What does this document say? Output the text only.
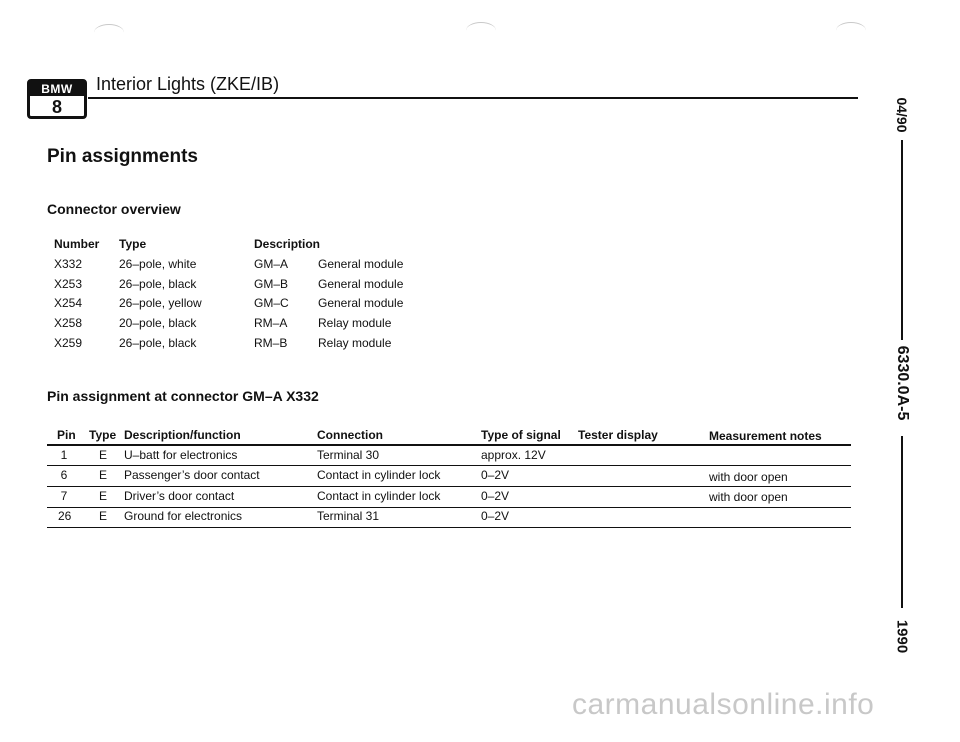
BMW
8
Interior Lights (ZKE/IB)
04/90
6330.0A-5
1990
Pin assignments
Connector overview
Number Type	Description
X332	26–pole, white	GM–A General module
X253	26–pole, black	GM–B General module
X254	26–pole, yellow	GM–C General module
X258	20–pole, black	RM–A	Relay module
X259	26–pole, black	RM–B	Relay module
Pin assignment at connector GM–A X332
Pin Type Description/function	Connection	Type of signal Tester display	Measurement notes
1	E U–batt for electronics	Terminal 30	approx. 12V
6	E Passenger’s door contact	Contact in cylinder lock	0–2V	with door open
7	E Driver’s door contact	Contact in cylinder lock	0–2V	with door open
26 E Ground for electronics	Terminal 31	0–2V
carmanualsonline.info
